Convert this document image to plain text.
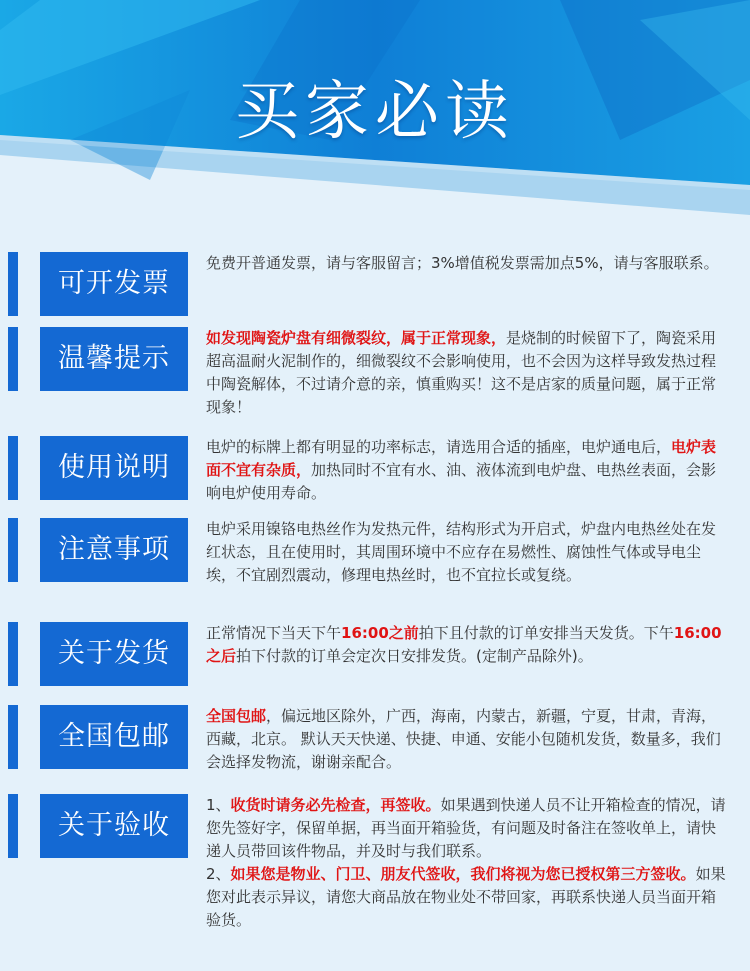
买家必读
可开发票

免费开普通发票，请与客服留言；3%增值税发票需加点5%，请与客服联系。

温馨提示

如发现陶瓷炉盘有细微裂纹，属于正常现象，是烧制的时候留下了，陶瓷采用超高温耐火泥制作的，细微裂纹不会影响使用，也不会因为这样导致发热过程中陶瓷解体，不过请介意的亲，慎重购买！这不是店家的质量问题，属于正常现象！

使用说明

电炉的标牌上都有明显的功率标志，请选用合适的插座，电炉通电后，电炉表面不宜有杂质，加热同时不宜有水、油、液体流到电炉盘、电热丝表面，会影响电炉使用寿命。

注意事项

电炉采用镍铬电热丝作为发热元件，结构形式为开启式，炉盘内电热丝处在发红状态，且在使用时，其周围环境中不应存在易燃性、腐蚀性气体或导电尘埃，不宜剧烈震动，修理电热丝时，也不宜拉长或复绕。

关于发货

正常情况下当天下午16:00之前拍下且付款的订单安排当天发货。下午16:00之后拍下付款的订单会定次日安排发货。(定制产品除外)。

全国包邮

全国包邮，偏远地区除外，广西，海南，内蒙古，新疆，宁夏，甘肃，青海，西藏，北京。 默认天天快递、快捷、申通、安能小包随机发货，数量多，我们会选择发物流，谢谢亲配合。

关于验收

1、收货时请务必先检查，再签收。如果遇到快递人员不让开箱检查的情况，请您先签好字，保留单据，再当面开箱验货，有问题及时备注在签收单上，请快递人员带回该件物品，并及时与我们联系。

2、如果您是物业、门卫、朋友代签收，我们将视为您已授权第三方签收。如果您对此表示异议，请您大商品放在物业处不带回家，再联系快递人员当面开箱验货。
